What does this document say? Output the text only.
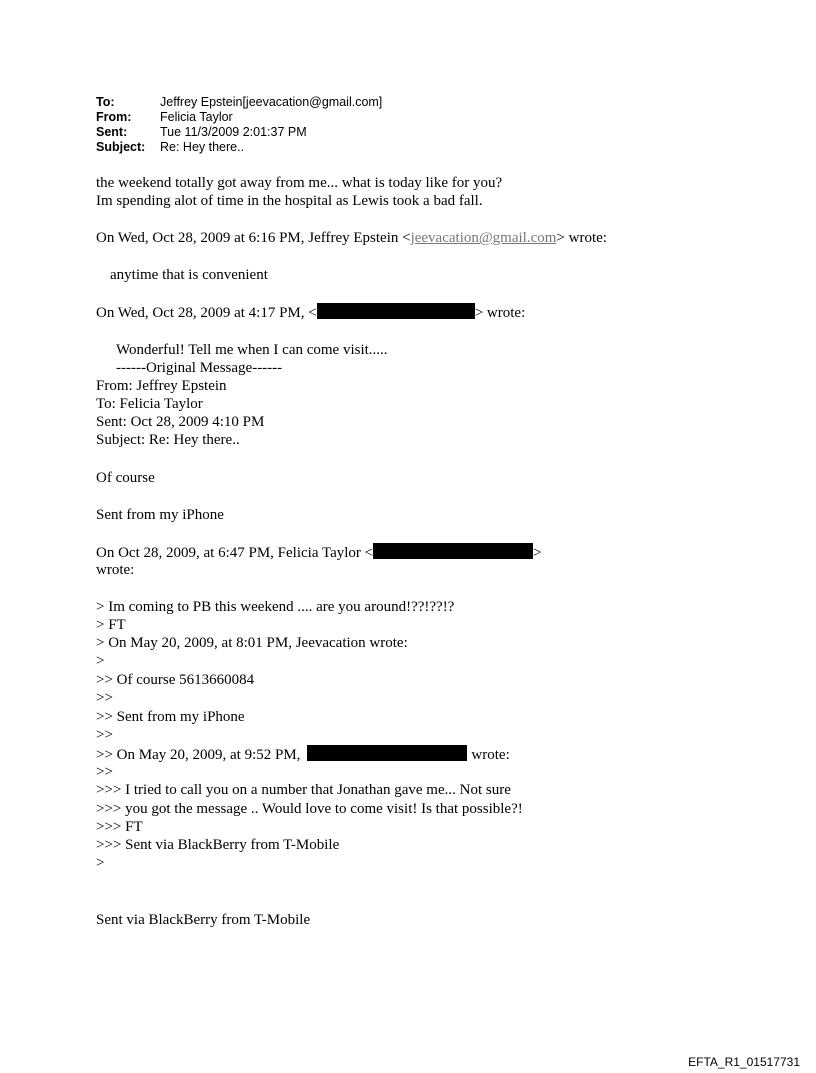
To:	Jeffrey Epstein[jeevacation@gmail.com]
From:	Felicia Taylor
Sent:	Tue 11/3/2009 2:01:37 PM
Subject:	Re: Hey there..
the weekend totally got away from me... what is today like for you?
Im spending alot of time in the hospital as Lewis took a bad fall.
On Wed, Oct 28, 2009 at 6:16 PM, Jeffrey Epstein <jeevacation@gmail.com> wrote:
anytime that is convenient
On Wed, Oct 28, 2009 at 4:17 PM, <	> wrote:
Wonderful! Tell me when I can come visit.....
------Original Message------
From: Jeffrey Epstein
To: Felicia Taylor
Sent: Oct 28, 2009 4:10 PM
Subject: Re: Hey there..
Of course
Sent from my iPhone
On Oct 28, 2009, at 6:47 PM, Felicia Taylor <	>
wrote:
> Im coming to PB this weekend .... are you around!??!??!?
> FT
> On May 20, 2009, at 8:01 PM, Jeevacation wrote:
>
>> Of course 5613660084
>>
>> Sent from my iPhone
>>
>> On May 20, 2009, at 9:52 PM,	wrote:
>>
>>> I tried to call you on a number that Jonathan gave me... Not sure
>>> you got the message .. Would love to come visit! Is that possible?!
>>> FT
>>> Sent via BlackBerry from T-Mobile
>
Sent via BlackBerry from T-Mobile
EFTA_R1_01517731
